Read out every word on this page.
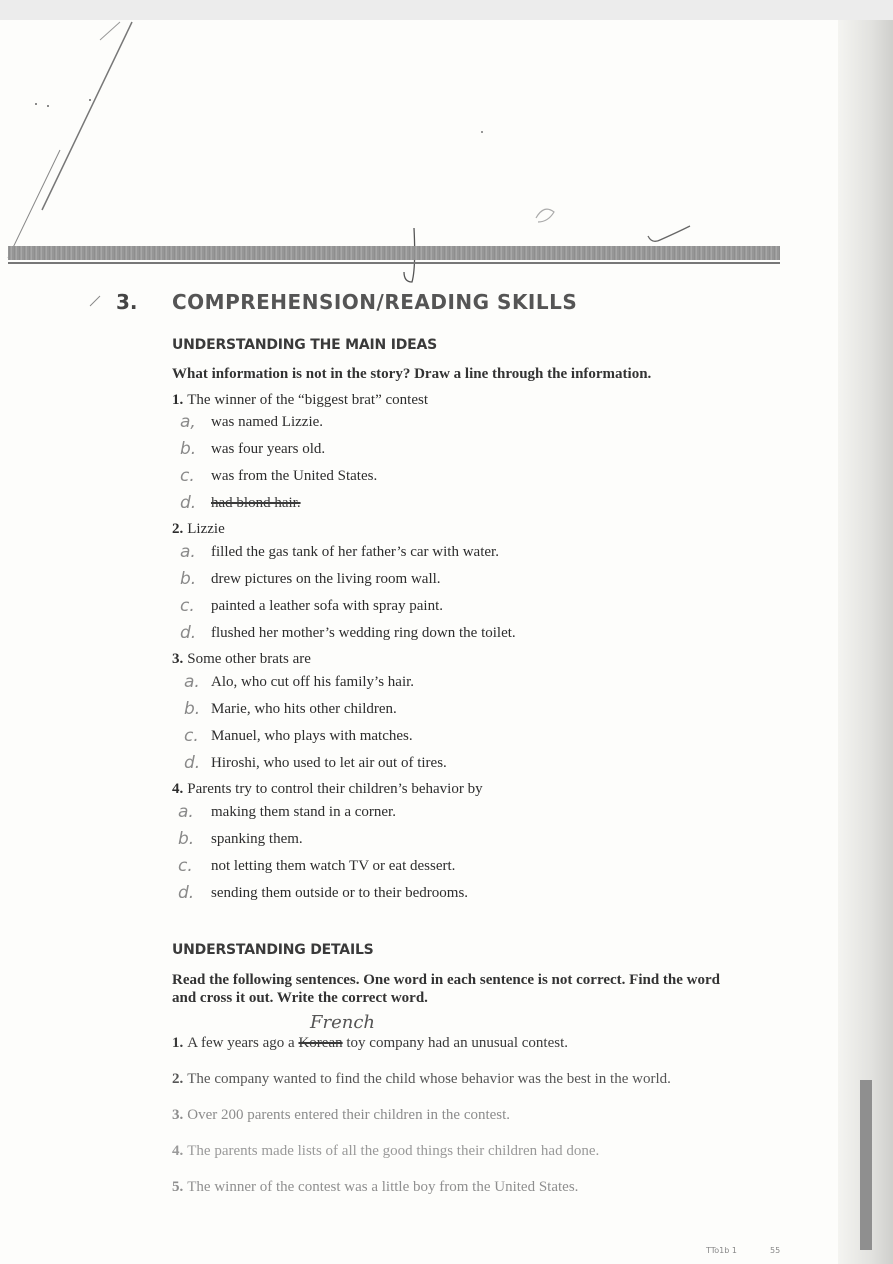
3. COMPREHENSION/READING SKILLS
UNDERSTANDING THE MAIN IDEAS
What information is not in the story? Draw a line through the information.
1. The winner of the “biggest brat” contest
a, was named Lizzie.
b. was four years old.
c. was from the United States.
d. had blond hair.
2. Lizzie
a. filled the gas tank of her father’s car with water.
b. drew pictures on the living room wall.
c. painted a leather sofa with spray paint.
d. flushed her mother’s wedding ring down the toilet.
3. Some other brats are
a. Alo, who cut off his family’s hair.
b. Marie, who hits other children.
c. Manuel, who plays with matches.
d. Hiroshi, who used to let air out of tires.
4. Parents try to control their children’s behavior by
a. making them stand in a corner.
b. spanking them.
c. not letting them watch TV or eat dessert.
d. sending them outside or to their bedrooms.
UNDERSTANDING DETAILS
Read the following sentences. One word in each sentence is not correct. Find the word
and cross it out. Write the correct word.
French
1. A few years ago a Korean toy company had an unusual contest.
2. The company wanted to find the child whose behavior was the best in the world.
3. Over 200 parents entered their children in the contest.
4. The parents made lists of all the good things their children had done.
5. The winner of the contest was a little boy from the United States.
TTo1b 1	55
